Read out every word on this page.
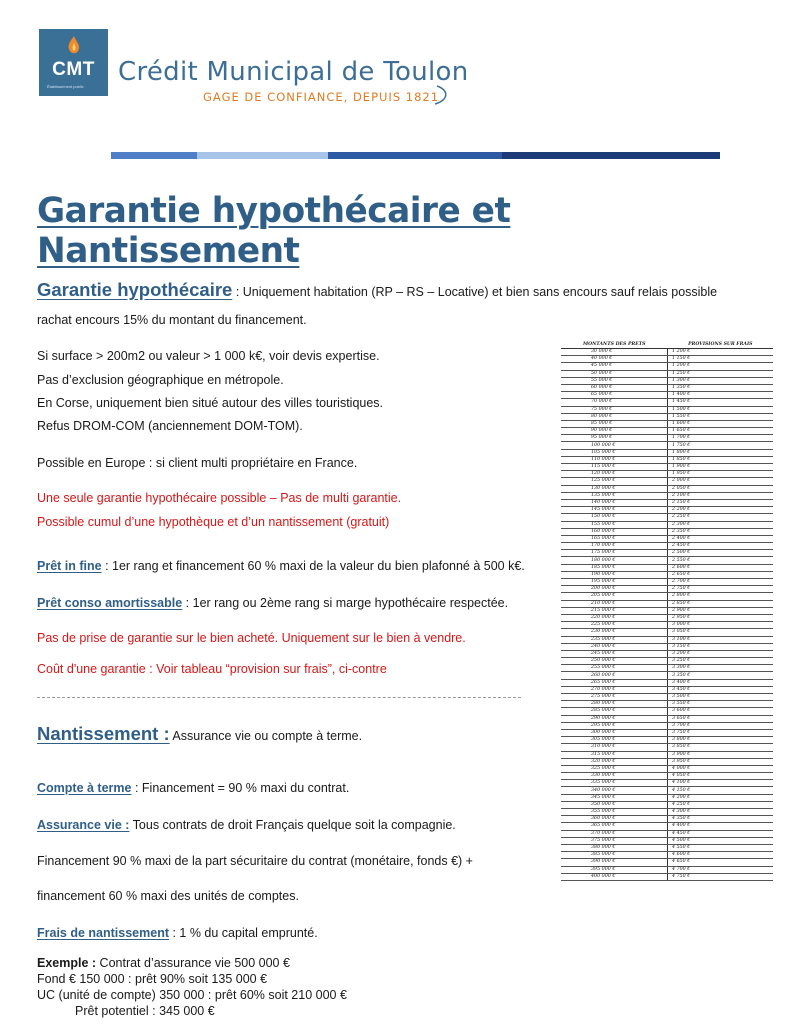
CMT
Établissement public Crédit Municipal de Toulon
GAGE DE CONFIANCE, DEPUIS 1821
Garantie hypothécaire et Nantissement
Garantie hypothécaire : Uniquement habitation (RP – RS – Locative) et bien sans encours sauf relais possible
rachat encours 15% du montant du financement.
Si surface > 200m2 ou valeur > 1 000 k€, voir devis expertise.
Pas d’exclusion géographique en métropole.
En Corse, uniquement bien situé autour des villes touristiques.
Refus DROM-COM (anciennement DOM-TOM).
Possible en Europe : si client multi propriétaire en France.
Une seule garantie hypothécaire possible – Pas de multi garantie.
Possible cumul d’une hypothèque et d’un nantissement (gratuit)
Prêt in fine : 1er rang et financement 60 % maxi de la valeur du bien plafonné à 500 k€.
Prêt conso amortissable : 1er rang ou 2ème rang si marge hypothécaire respectée.
Pas de prise de garantie sur le bien acheté. Uniquement sur le bien à vendre.
Coût d'une garantie : Voir tableau “provision sur frais”, ci-contre
Nantissement : Assurance vie ou compte à terme.
Compte à terme : Financement = 90 % maxi du contrat.
Assurance vie : Tous contrats de droit Français quelque soit la compagnie.
Financement 90 % maxi de la part sécuritaire du contrat (monétaire, fonds €) +
financement 60 % maxi des unités de comptes.
Frais de nantissement : 1 % du capital emprunté.
Exemple : Contrat d’assurance vie 500 000 €
Fond € 150 000 : prêt 90% soit 135 000 €
UC (unité de compte) 350 000 : prêt 60% soit 210 000 €
Prêt potentiel : 345 000 €
MONTANTS DES PRETS	PROVISIONS SUR FRAIS
30 000 €	1 200 €
40 000 €	1 150 €
45 000 €	1 200 €
50 000 €	1 250 €
55 000 €	1 300 €
60 000 €	1 350 €
65 000 €	1 400 €
70 000 €	1 450 €
75 000 €	1 500 €
80 000 €	1 550 €
85 000 €	1 600 €
90 000 €	1 650 €
95 000 €	1 700 €
100 000 €	1 750 €
105 000 €	1 800 €
110 000 €	1 850 €
115 000 €	1 900 €
120 000 €	1 950 €
125 000 €	2 000 €
130 000 €	2 050 €
135 000 €	2 100 €
140 000 €	2 150 €
145 000 €	2 200 €
150 000 €	2 250 €
155 000 €	2 300 €
160 000 €	2 350 €
165 000 €	2 400 €
170 000 €	2 450 €
175 000 €	2 500 €
180 000 €	2 550 €
185 000 €	2 600 €
190 000 €	2 650 €
195 000 €	2 700 €
200 000 €	2 750 €
205 000 €	2 800 €
210 000 €	2 850 €
215 000 €	2 900 €
220 000 €	2 950 €
225 000 €	3 000 €
230 000 €	3 050 €
235 000 €	3 100 €
240 000 €	3 150 €
245 000 €	3 200 €
250 000 €	3 250 €
255 000 €	3 300 €
260 000 €	3 350 €
265 000 €	3 400 €
270 000 €	3 450 €
275 000 €	3 500 €
280 000 €	3 550 €
285 000 €	3 600 €
290 000 €	3 650 €
295 000 €	3 700 €
300 000 €	3 750 €
305 000 €	3 800 €
310 000 €	3 850 €
315 000 €	3 900 €
320 000 €	3 950 €
325 000 €	4 000 €
330 000 €	4 050 €
335 000 €	4 100 €
340 000 €	4 150 €
345 000 €	4 200 €
350 000 €	4 250 €
355 000 €	4 300 €
360 000 €	4 350 €
365 000 €	4 400 €
370 000 €	4 450 €
375 000 €	4 500 €
380 000 €	4 550 €
385 000 €	4 600 €
390 000 €	4 650 €
395 000 €	4 700 €
400 000 €	4 750 €
